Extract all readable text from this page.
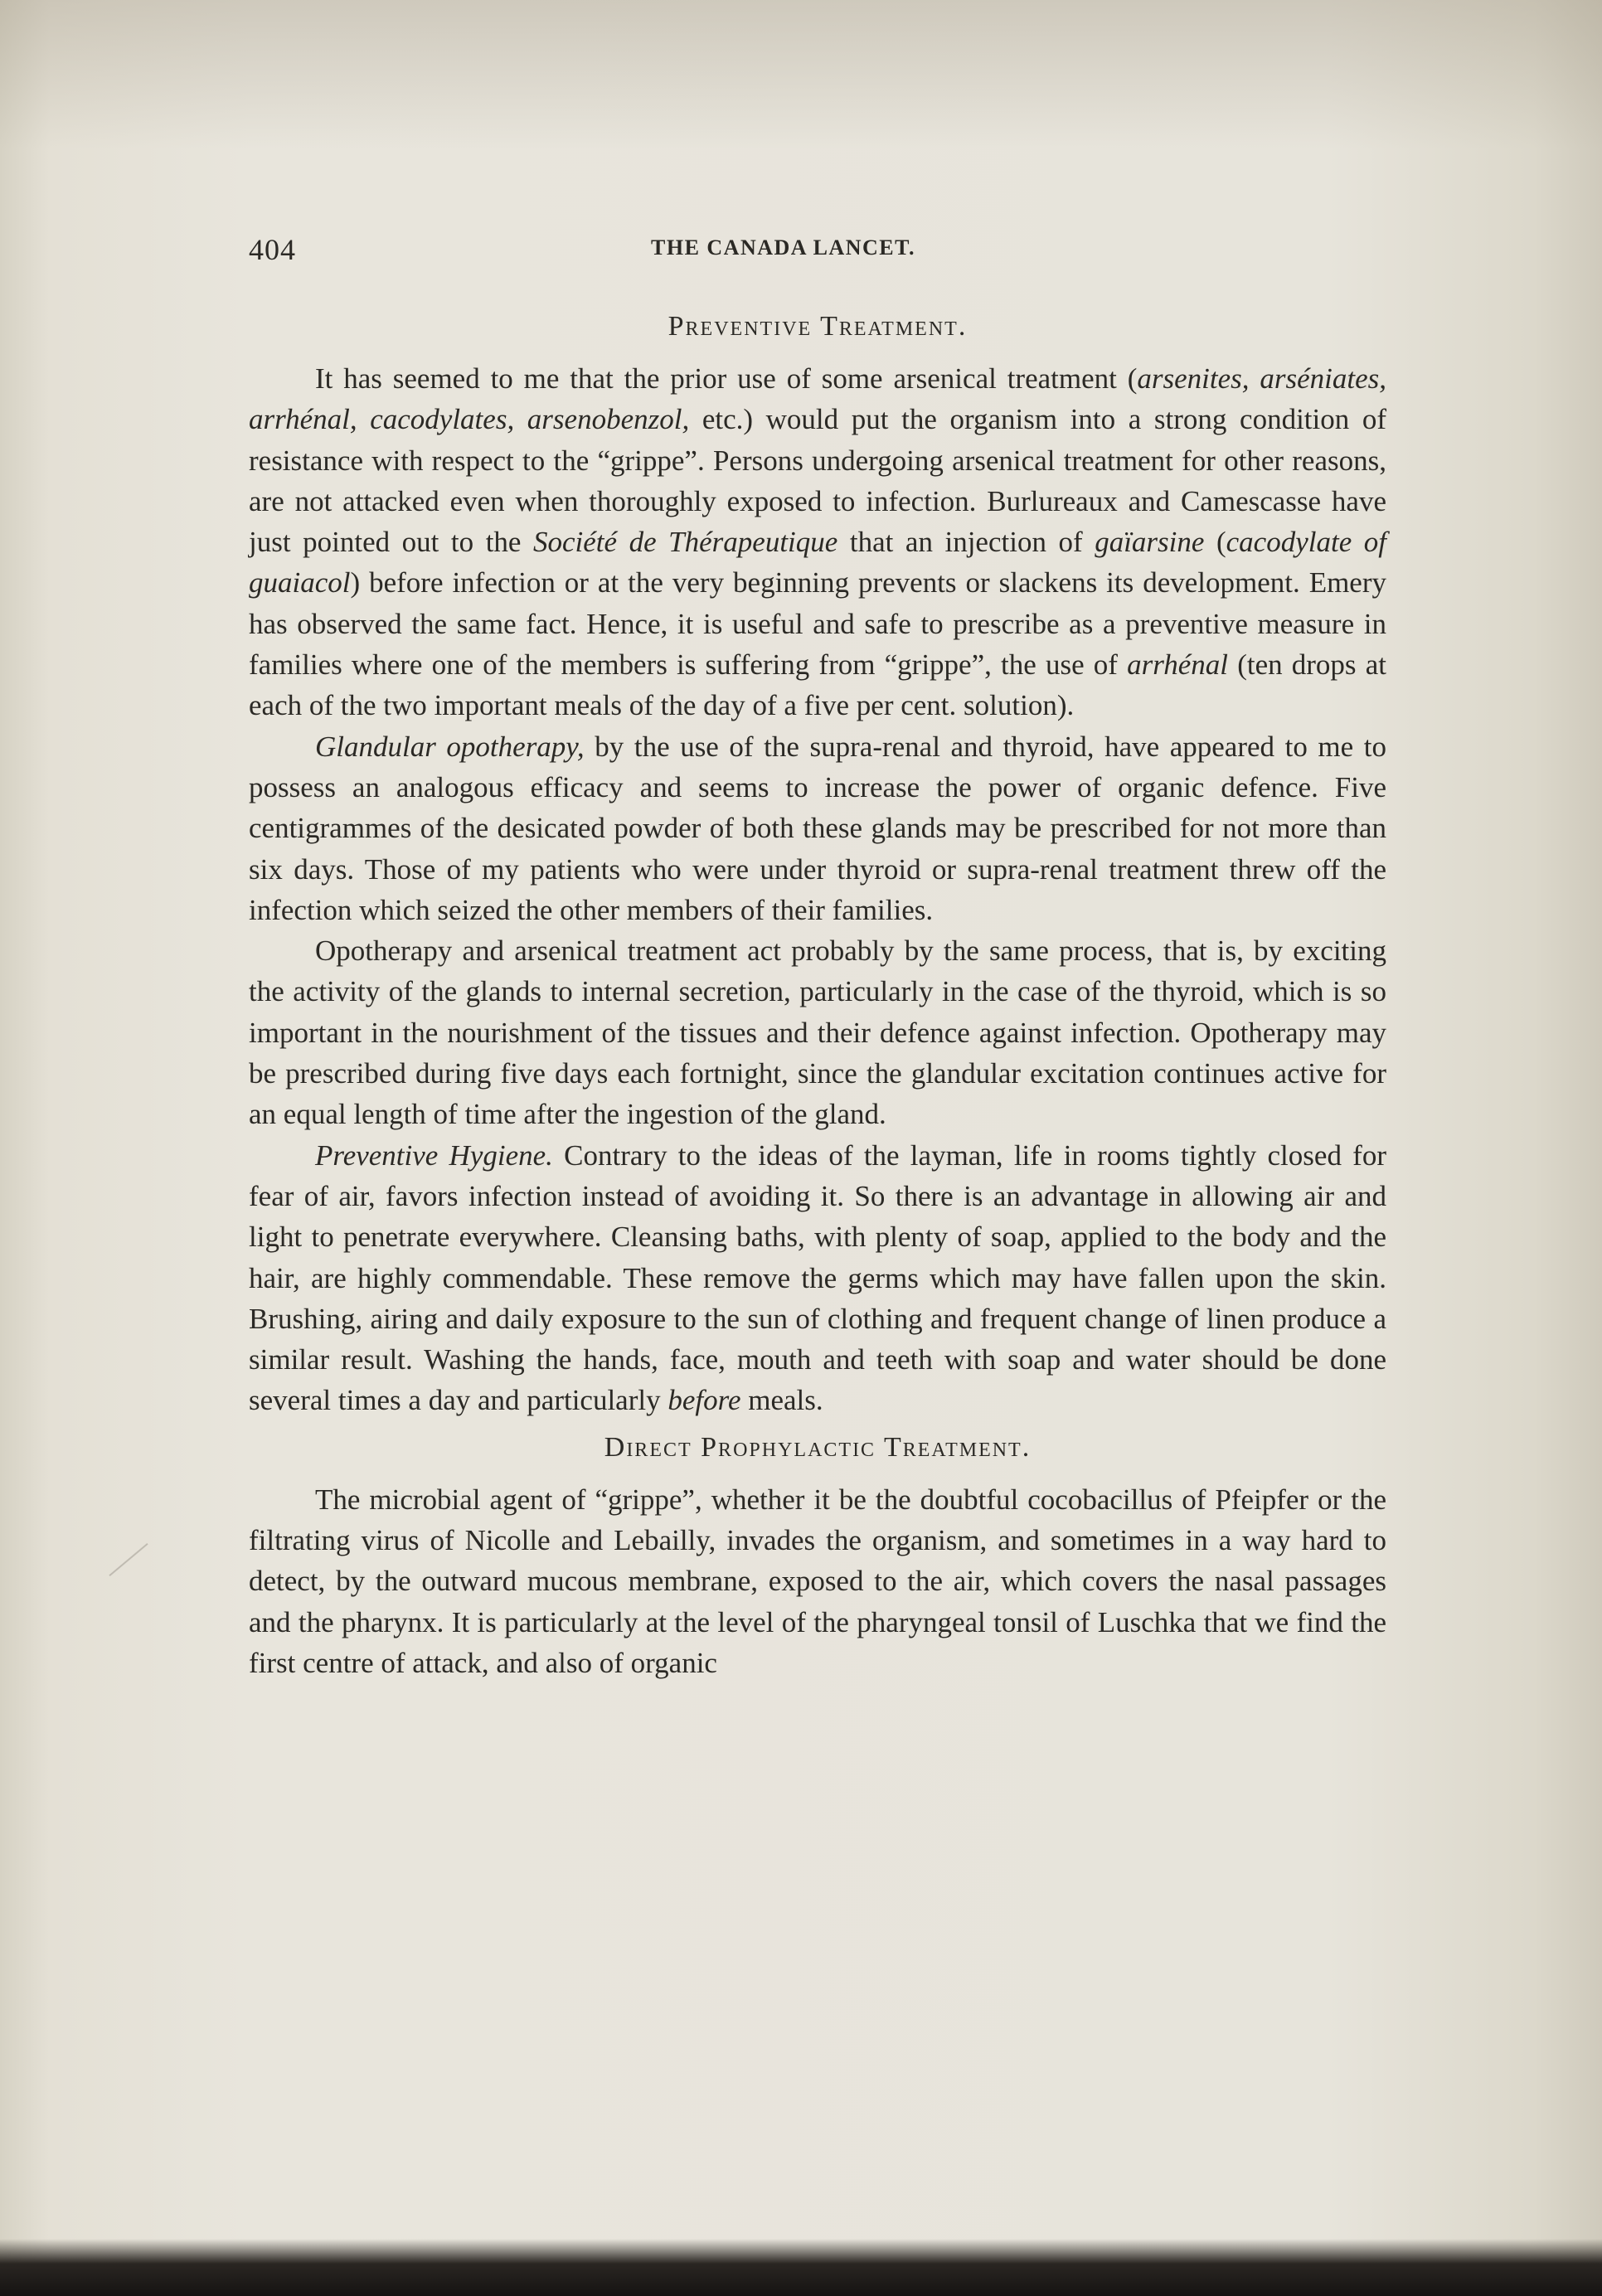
404	THE CANADA LANCET.
Preventive Treatment.

It has seemed to me that the prior use of some arsenical treatment (arsenites, arséniates, arrhénal, cacodylates, arsenobenzol, etc.) would put the organism into a strong condition of resistance with respect to the “grippe”. Persons undergoing arsenical treatment for other reasons, are not attacked even when thoroughly exposed to infection. Burlureaux and Camescasse have just pointed out to the Société de Thérapeutique that an injection of gaïarsine (cacodylate of guaiacol) before infection or at the very beginning prevents or slackens its development. Emery has observed the same fact. Hence, it is useful and safe to prescribe as a preventive measure in families where one of the members is suffering from “grippe”, the use of arrhénal (ten drops at each of the two important meals of the day of a five per cent. solution).

Glandular opotherapy, by the use of the supra-renal and thyroid, have appeared to me to possess an analogous efficacy and seems to increase the power of organic defence. Five centigrammes of the desicated powder of both these glands may be prescribed for not more than six days. Those of my patients who were under thyroid or supra-renal treatment threw off the infection which seized the other members of their families.

Opotherapy and arsenical treatment act probably by the same process, that is, by exciting the activity of the glands to internal secretion, particularly in the case of the thyroid, which is so important in the nourishment of the tissues and their defence against infection. Opotherapy may be prescribed during five days each fortnight, since the glandular excitation continues active for an equal length of time after the ingestion of the gland.

Preventive Hygiene. Contrary to the ideas of the layman, life in rooms tightly closed for fear of air, favors infection instead of avoiding it. So there is an advantage in allowing air and light to penetrate everywhere. Cleansing baths, with plenty of soap, applied to the body and the hair, are highly commendable. These remove the germs which may have fallen upon the skin. Brushing, airing and daily exposure to the sun of clothing and frequent change of linen produce a similar result. Washing the hands, face, mouth and teeth with soap and water should be done several times a day and particularly before meals.

Direct Prophylactic Treatment.

The microbial agent of “grippe”, whether it be the doubtful cocobacillus of Pfeipfer or the filtrating virus of Nicolle and Lebailly, invades the organism, and sometimes in a way hard to detect, by the outward mucous membrane, exposed to the air, which covers the nasal passages and the pharynx. It is particularly at the level of the pharyngeal tonsil of Luschka that we find the first centre of attack, and also of organic
